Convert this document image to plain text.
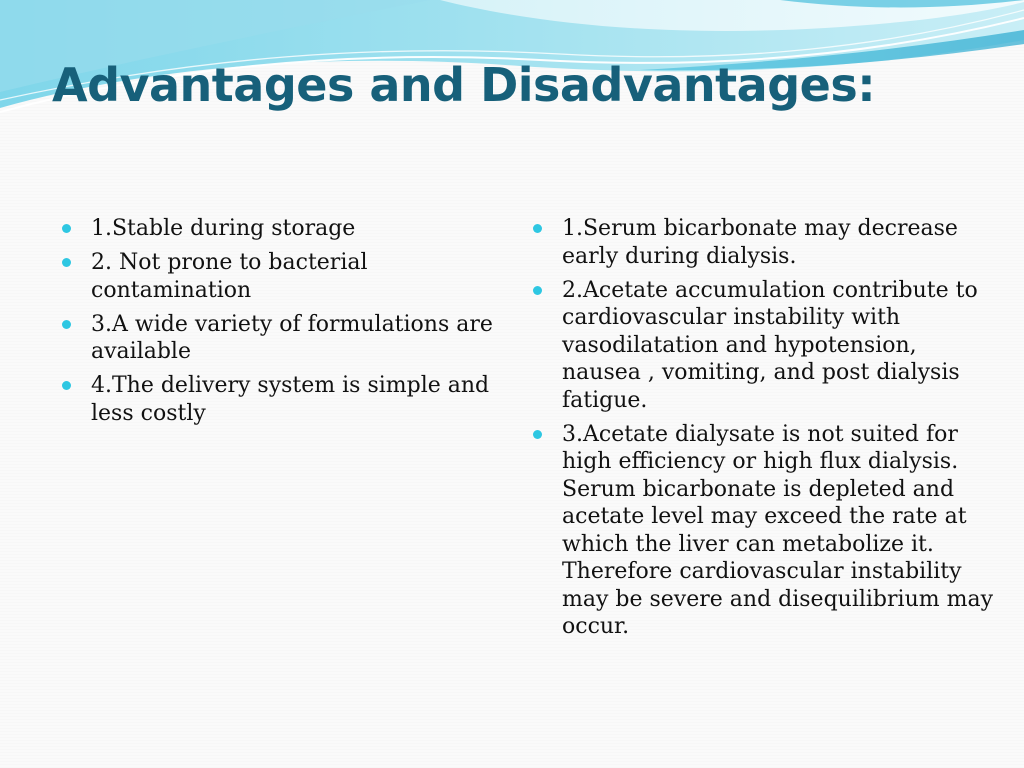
Advantages and Disadvantages:
1.Stable during storage
2. Not prone to bacterial contamination
3.A wide variety of formulations are available
4.The delivery system is simple and less costly
1.Serum bicarbonate may decrease early during dialysis.
2.Acetate accumulation contribute to cardiovascular instability with vasodilatation and hypotension, nausea , vomiting, and post dialysis fatigue.
3.Acetate dialysate is not suited for high efficiency or high flux dialysis. Serum bicarbonate is depleted and acetate level may exceed the rate at which the liver can metabolize it. Therefore cardiovascular instability may be severe and disequilibrium may occur.
